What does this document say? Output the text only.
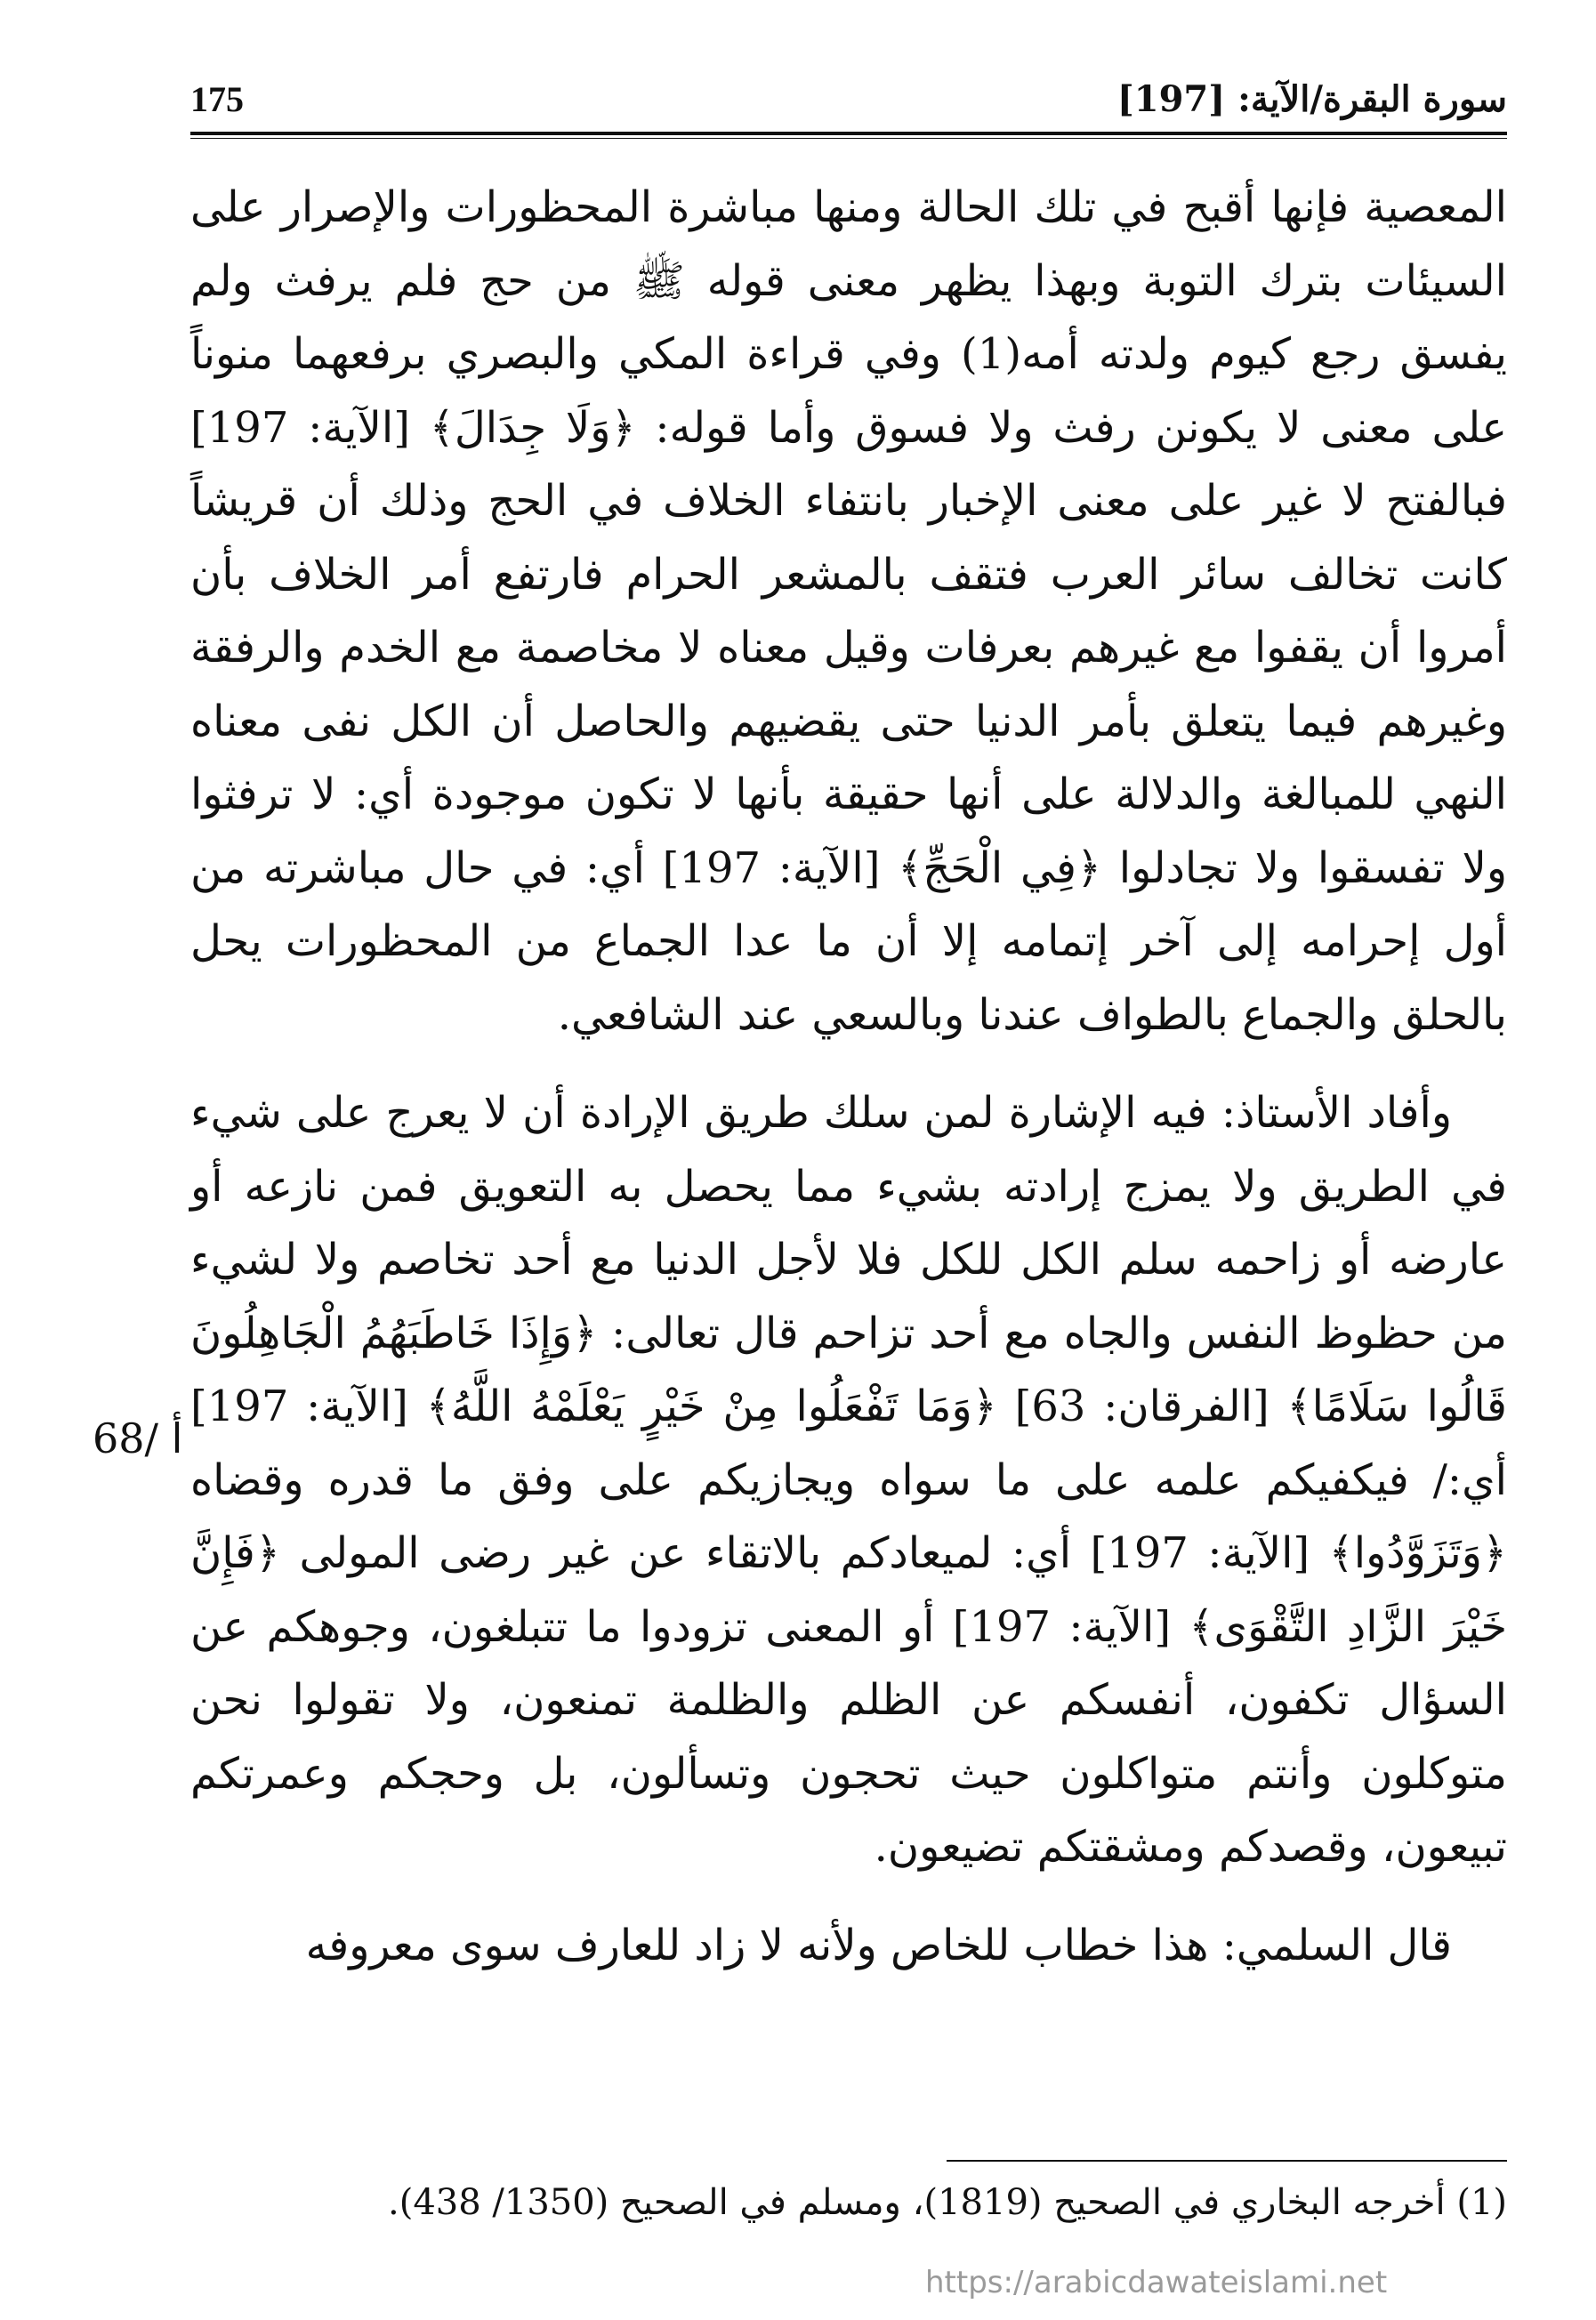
سورة البقرة/الآية: [197]
175

المعصية فإنها أقبح في تلك الحالة ومنها مباشرة المحظورات والإصرار على السيئات بترك التوبة وبهذا يظهر معنى قوله ﷺ من حج فلم يرفث ولم يفسق رجع كيوم ولدته أمه(1) وفي قراءة المكي والبصري برفعهما منوناً على معنى لا يكونن رفث ولا فسوق وأما قوله: ﴿وَلَا جِدَالَ﴾ [الآية: 197] فبالفتح لا غير على معنى الإخبار بانتفاء الخلاف في الحج وذلك أن قريشاً كانت تخالف سائر العرب فتقف بالمشعر الحرام فارتفع أمر الخلاف بأن أمروا أن يقفوا مع غيرهم بعرفات وقيل معناه لا مخاصمة مع الخدم والرفقة وغيرهم فيما يتعلق بأمر الدنيا حتى يقضيهم والحاصل أن الكل نفى معناه النهي للمبالغة والدلالة على أنها حقيقة بأنها لا تكون موجودة أي: لا ترفثوا ولا تفسقوا ولا تجادلوا ﴿فِي الْحَجِّ﴾ [الآية: 197] أي: في حال مباشرته من أول إحرامه إلى آخر إتمامه إلا أن ما عدا الجماع من المحظورات يحل بالحلق والجماع بالطواف عندنا وبالسعي عند الشافعي.

وأفاد الأستاذ: فيه الإشارة لمن سلك طريق الإرادة أن لا يعرج على شيء في الطريق ولا يمزج إرادته بشيء مما يحصل به التعويق فمن نازعه أو عارضه أو زاحمه سلم الكل للكل فلا لأجل الدنيا مع أحد تخاصم ولا لشيء من حظوظ النفس والجاه مع أحد تزاحم قال تعالى: ﴿وَإِذَا خَاطَبَهُمُ الْجَاهِلُونَ قَالُوا سَلَامًا﴾ [الفرقان: 63] ﴿وَمَا تَفْعَلُوا مِنْ خَيْرٍ يَعْلَمْهُ اللَّهُ﴾ [الآية: 197] أي:/ فيكفيكم علمه على ما سواه ويجازيكم على وفق ما قدره وقضاه ﴿وَتَزَوَّدُوا﴾ [الآية: 197] أي: لميعادكم بالاتقاء عن غير رضى المولى ﴿فَإِنَّ خَيْرَ الزَّادِ التَّقْوَى﴾ [الآية: 197] أو المعنى تزودوا ما تتبلغون، وجوهكم عن السؤال تكفون، أنفسكم عن الظلم والظلمة تمنعون، ولا تقولوا نحن متوكلون وأنتم متواكلون حيث تحجون وتسألون، بل وحجكم وعمرتكم تبيعون، وقصدكم ومشقتكم تضيعون.

قال السلمي: هذا خطاب للخاص ولأنه لا زاد للعارف سوى معروفه

68/ أ
(1) أخرجه البخاري في الصحيح (1819)، ومسلم في الصحيح (1350/ 438).
https://arabicdawateislami.net
